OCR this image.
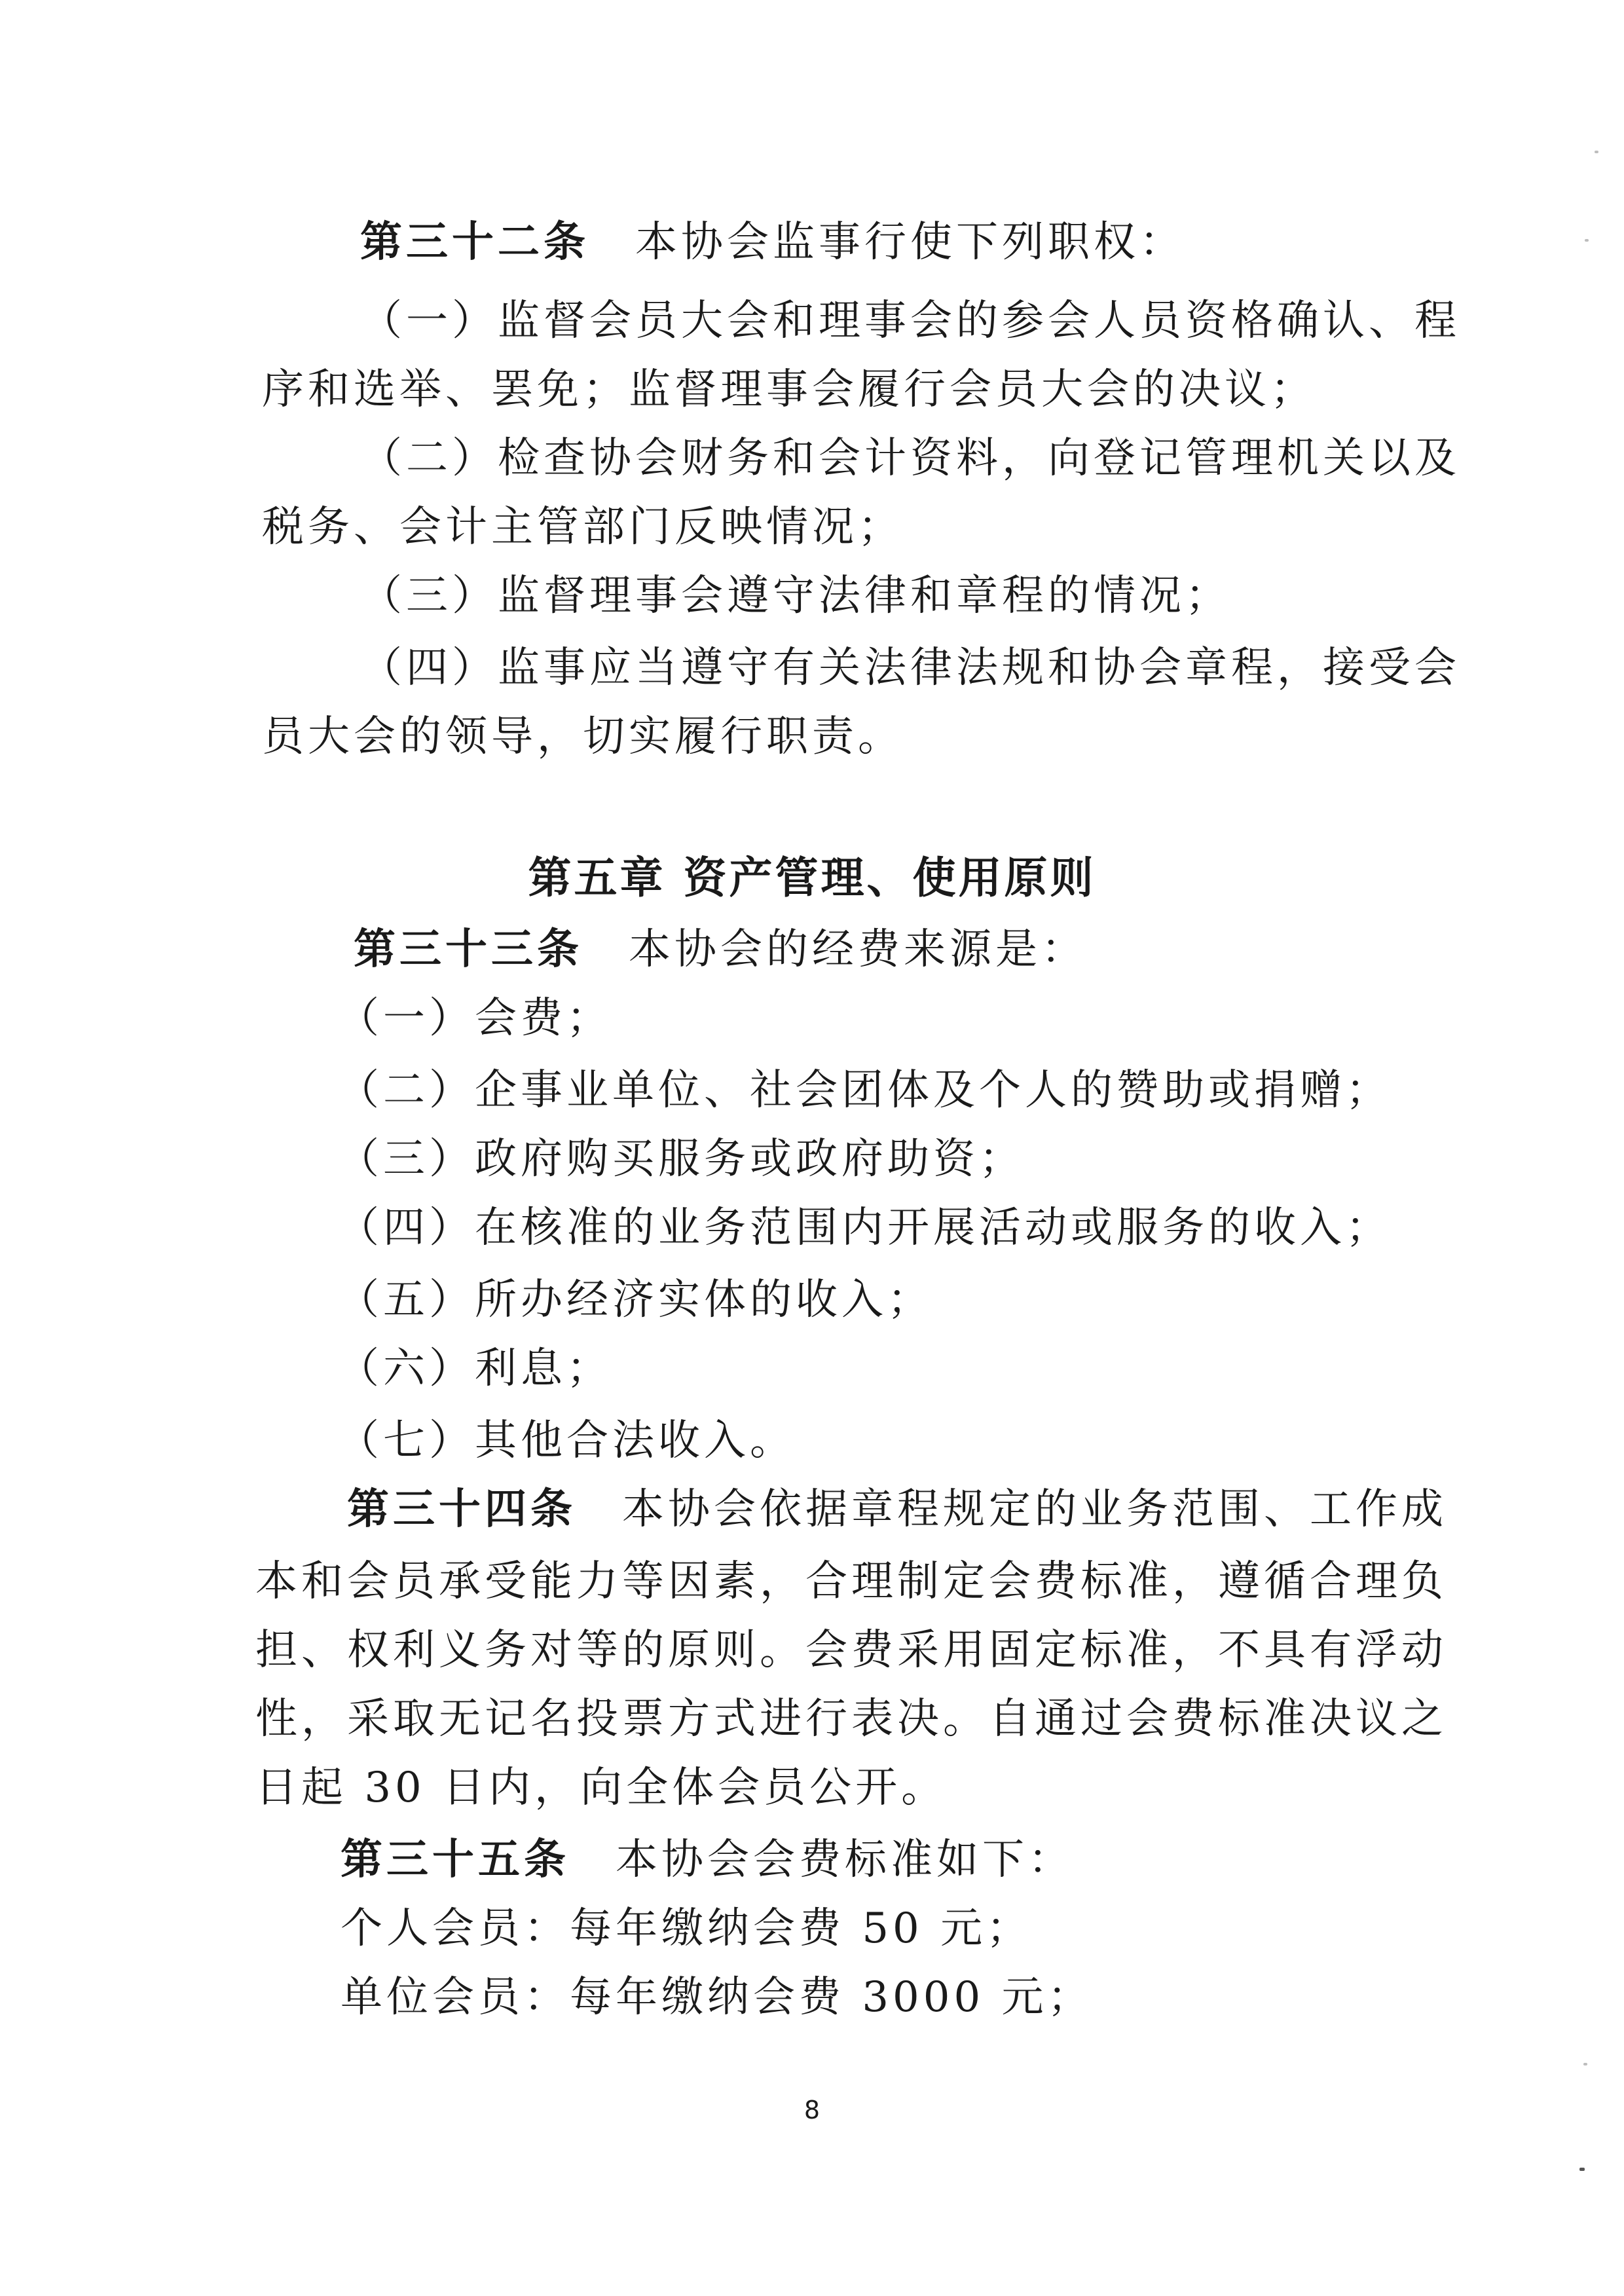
第三十二条 本协会监事行使下列职权：
（一）监督会员大会和理事会的参会人员资格确认、程
序和选举、罢免；监督理事会履行会员大会的决议；
（二）检查协会财务和会计资料，向登记管理机关以及
税务、会计主管部门反映情况；
（三）监督理事会遵守法律和章程的情况；
（四）监事应当遵守有关法律法规和协会章程，接受会
员大会的领导，切实履行职责。
第五章 资产管理、使用原则
第三十三条 本协会的经费来源是：
（一）会费；
（二）企事业单位、社会团体及个人的赞助或捐赠；
（三）政府购买服务或政府助资；
（四）在核准的业务范围内开展活动或服务的收入；
（五）所办经济实体的收入；
（六）利息；
（七）其他合法收入。
第三十四条 本协会依据章程规定的业务范围、工作成
本和会员承受能力等因素，合理制定会费标准，遵循合理负
担、权利义务对等的原则。会费采用固定标准，不具有浮动
性，采取无记名投票方式进行表决。自通过会费标准决议之
日起 30 日内，向全体会员公开。
第三十五条 本协会会费标准如下：
个人会员：每年缴纳会费 50 元；
单位会员：每年缴纳会费 3000 元；
8
